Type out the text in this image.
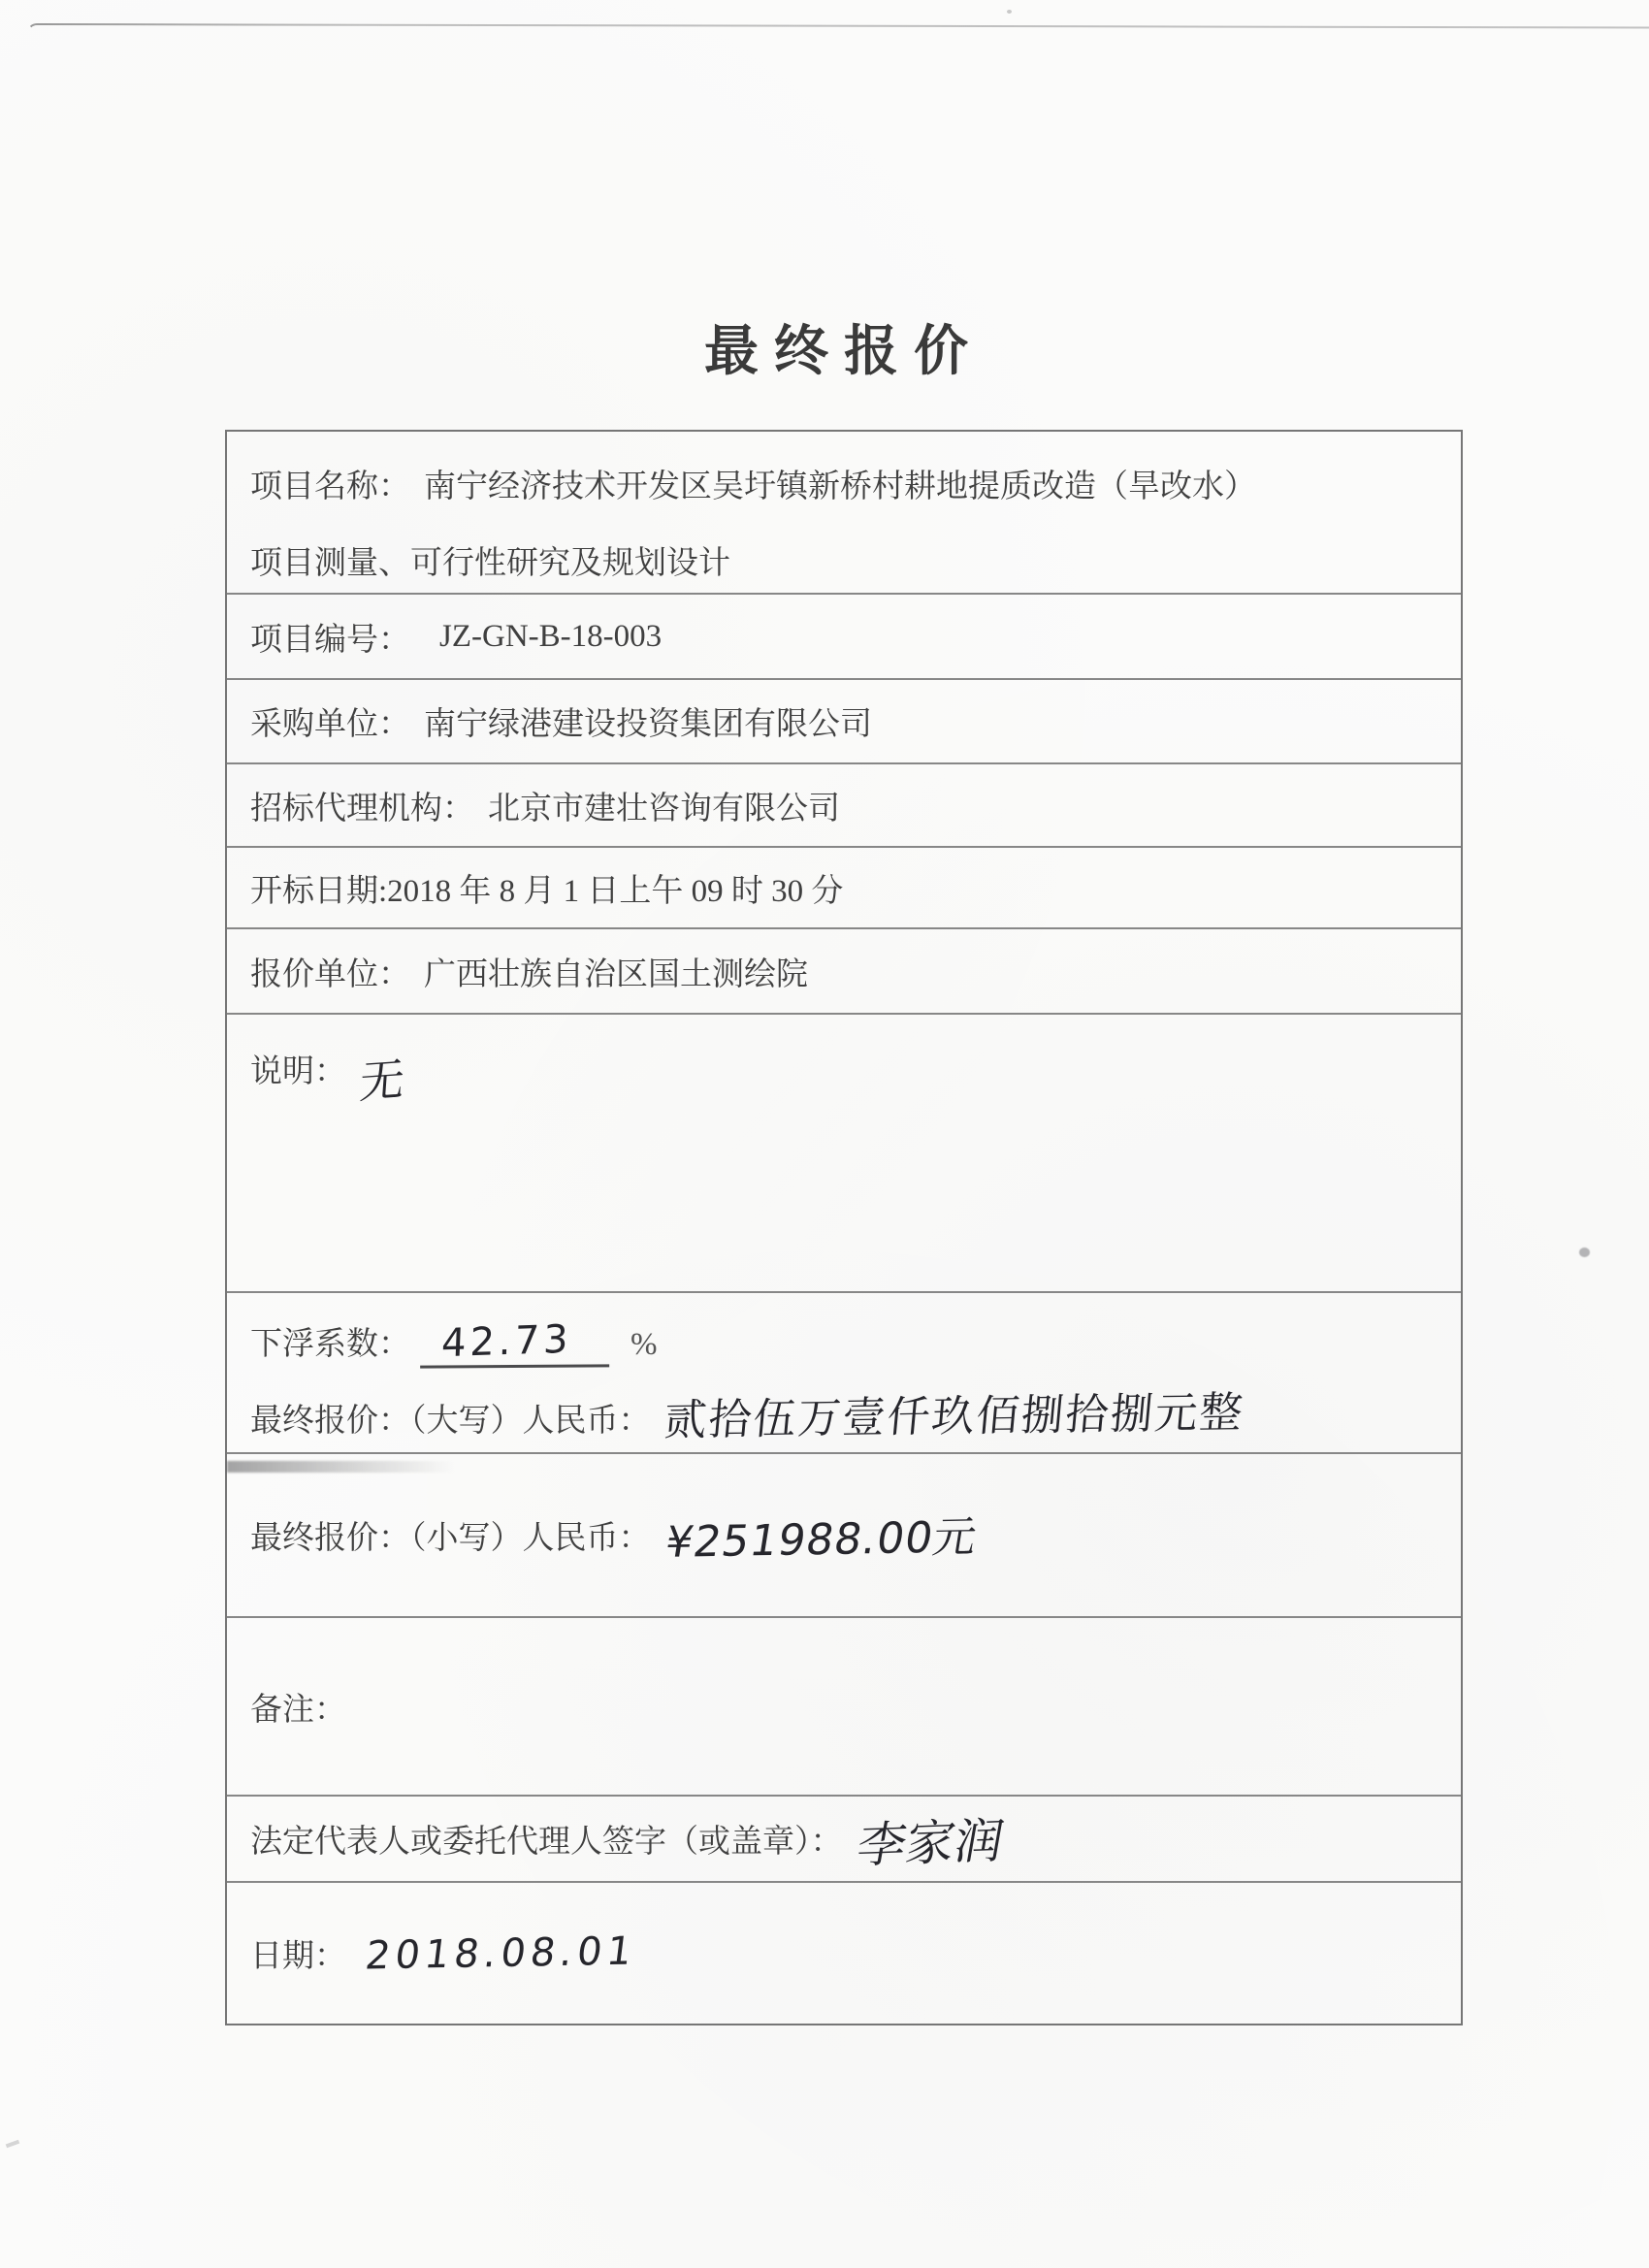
最终报价
项目名称： 南宁经济技术开发区吴圩镇新桥村耕地提质改造（旱改水）
项目测量、可行性研究及规划设计
项目编号： JZ-GN-B-18-003
采购单位： 南宁绿港建设投资集团有限公司
招标代理机构： 北京市建壮咨询有限公司
开标日期: 2018 年 8 月 1 日上午 09 时 30 分
报价单位： 广西壮族自治区国土测绘院
说明： 无
下浮系数： 42.73	%
最终报价：（大写）人民币： 贰拾伍万壹仟玖佰捌拾捌元整
最终报价：（小写）人民币： ¥251988.00元
备注：
法定代表人或委托代理人签字（或盖章）： 李家润
日期： 2018.08.01
